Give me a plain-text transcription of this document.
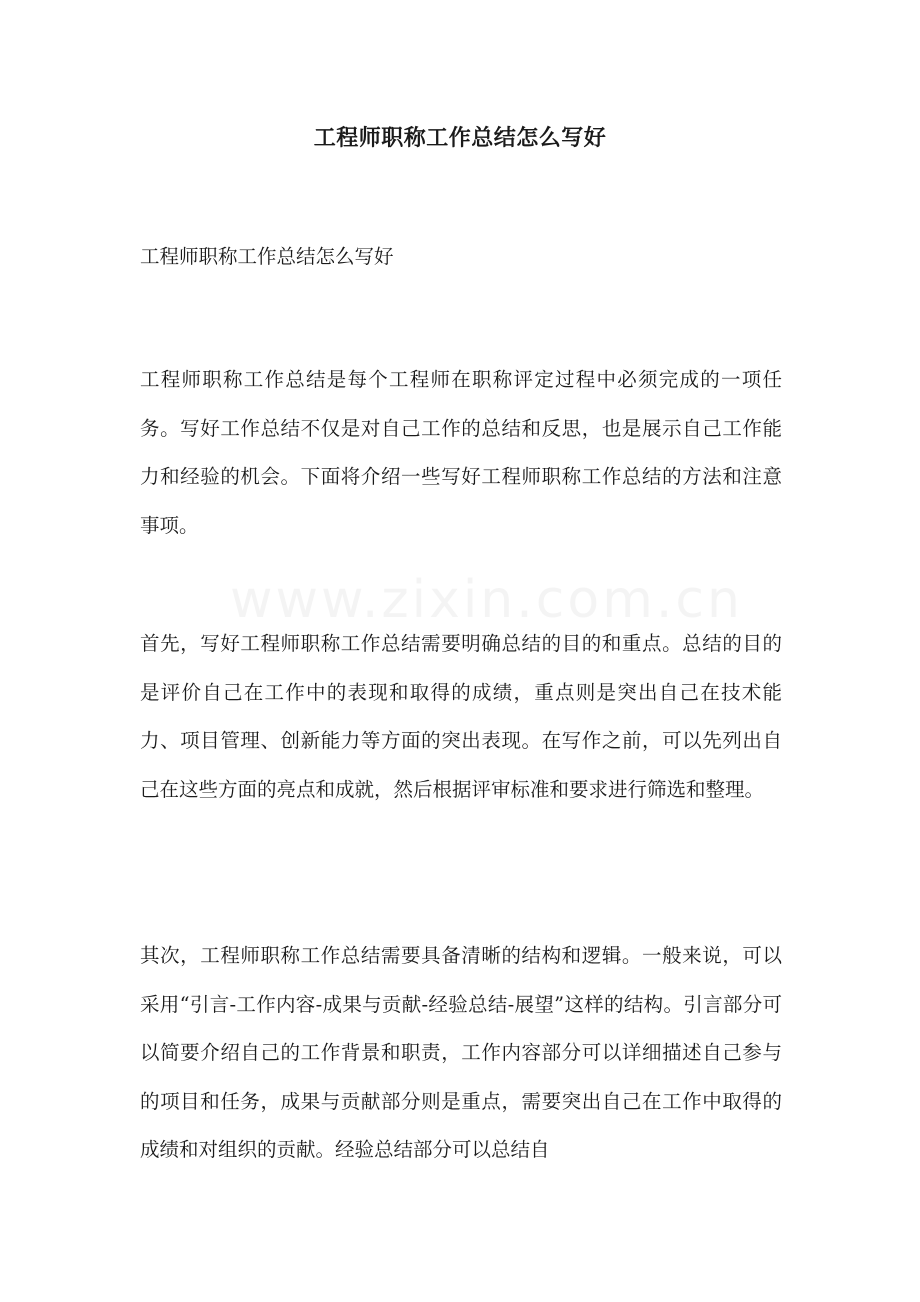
www.zixin.com.cn
工程师职称工作总结怎么写好
工程师职称工作总结怎么写好
工程师职称工作总结是每个工程师在职称评定过程中必须完成的一项任务。写好工作总结不仅是对自己工作的总结和反思，也是展示自己工作能力和经验的机会。下面将介绍一些写好工程师职称工作总结的方法和注意事项。
首先，写好工程师职称工作总结需要明确总结的目的和重点。总结的目的是评价自己在工作中的表现和取得的成绩，重点则是突出自己在技术能力、项目管理、创新能力等方面的突出表现。在写作之前，可以先列出自己在这些方面的亮点和成就，然后根据评审标准和要求进行筛选和整理。
其次，工程师职称工作总结需要具备清晰的结构和逻辑。一般来说，可以采用“引言-工作内容-成果与贡献-经验总结-展望”这样的结构。引言部分可以简要介绍自己的工作背景和职责，工作内容部分可以详细描述自己参与的项目和任务，成果与贡献部分则是重点，需要突出自己在工作中取得的成绩和对组织的贡献。经验总结部分可以总结自
